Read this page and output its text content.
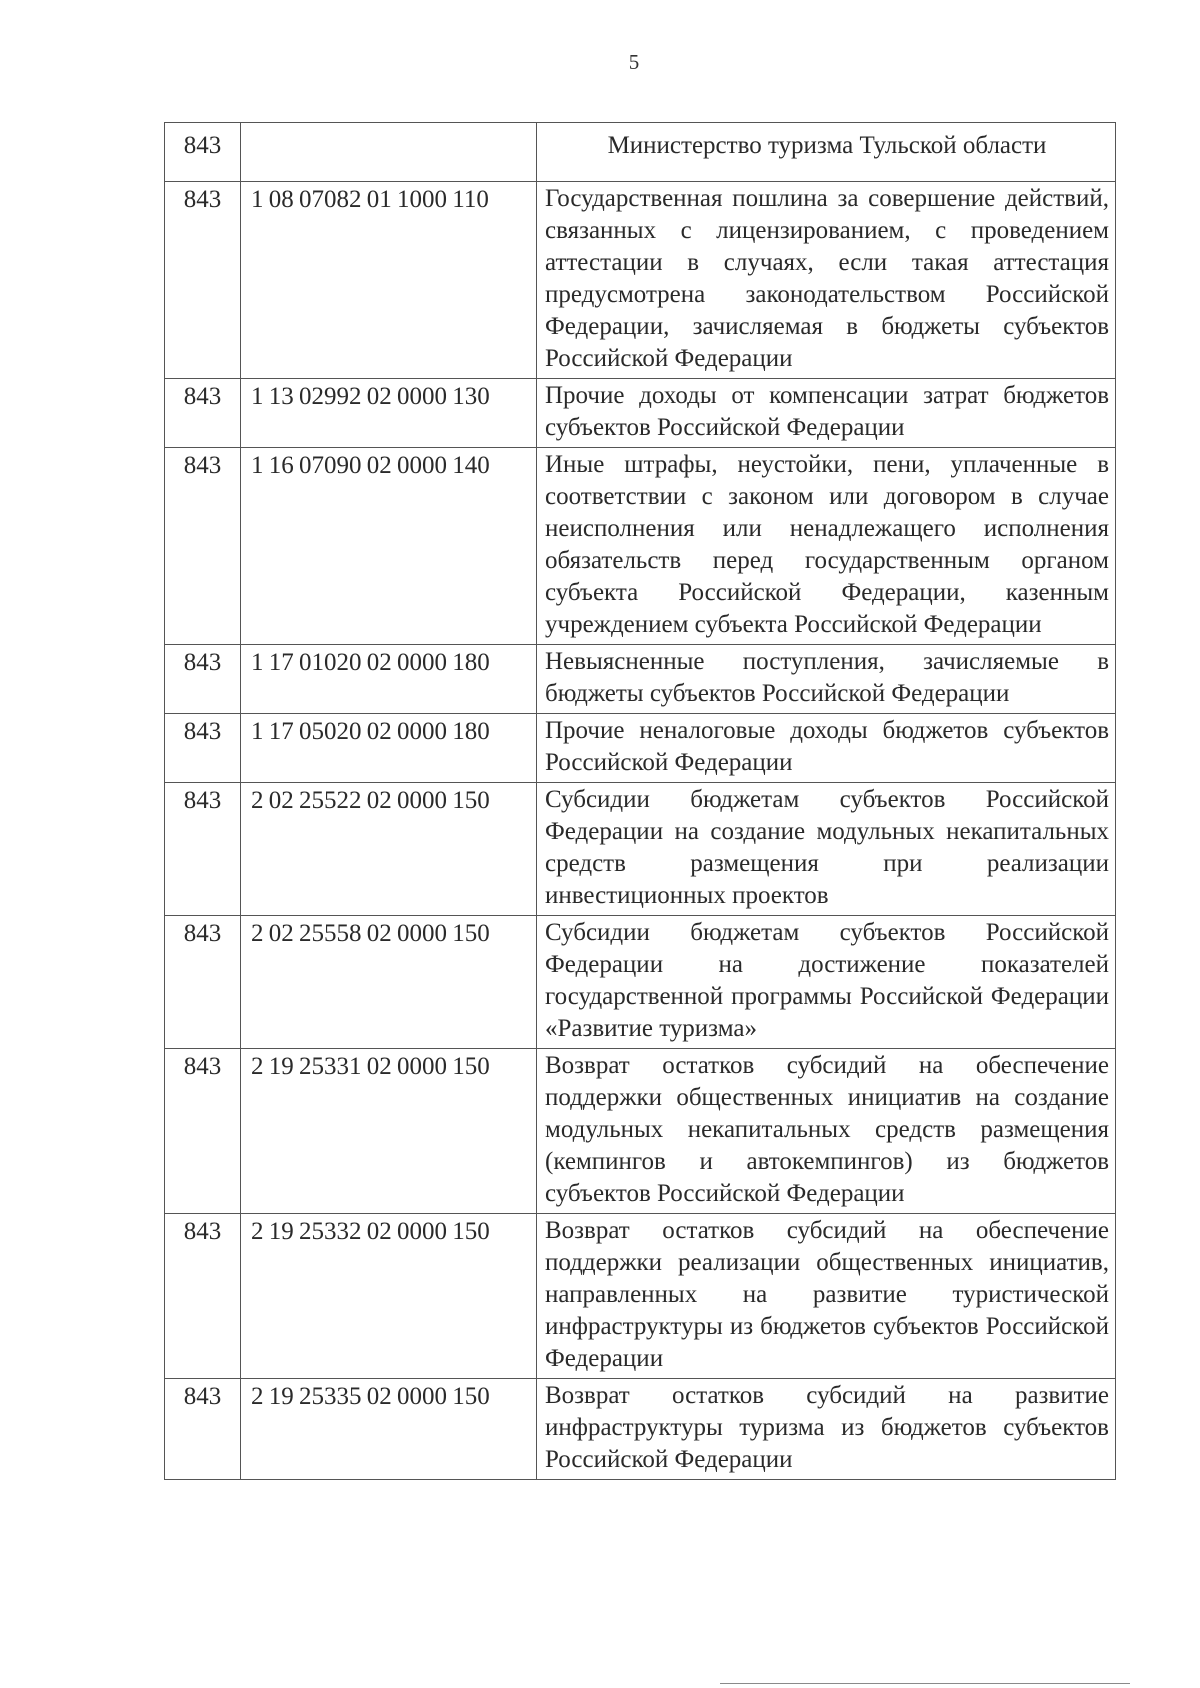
5
843		Министерство туризма Тульской области
843	1 08 07082 01 1000 110	Государственная пошлина за совершение действий, связанных с лицензированием, с проведением аттестации в случаях, если такая аттестация предусмотрена законодательством Российской Федерации, зачисляемая в бюджеты субъектов Российской Федерации
843	1 13 02992 02 0000 130	Прочие доходы от компенсации затрат бюджетов субъектов Российской Федерации
843	1 16 07090 02 0000 140	Иные штрафы, неустойки, пени, уплаченные в соответствии с законом или договором в случае неисполнения или ненадлежащего исполнения обязательств перед государственным органом субъекта Российской Федерации, казенным учреждением субъекта Российской Федерации
843	1 17 01020 02 0000 180	Невыясненные поступления, зачисляемые в бюджеты субъектов Российской Федерации
843	1 17 05020 02 0000 180	Прочие неналоговые доходы бюджетов субъектов Российской Федерации
843	2 02 25522 02 0000 150	Субсидии бюджетам субъектов Российской Федерации на создание модульных некапитальных средств размещения при реализации инвестиционных проектов
843	2 02 25558 02 0000 150	Субсидии бюджетам субъектов Российской Федерации на достижение показателей государственной программы Российской Федерации «Развитие туризма»
843	2 19 25331 02 0000 150	Возврат остатков субсидий на обеспечение поддержки общественных инициатив на создание модульных некапитальных средств размещения (кемпингов и автокемпингов) из бюджетов субъектов Российской Федерации
843	2 19 25332 02 0000 150	Возврат остатков субсидий на обеспечение поддержки реализации общественных инициатив, направленных на развитие туристической инфраструктуры из бюджетов субъектов Российской Федерации
843	2 19 25335 02 0000 150	Возврат остатков субсидий на развитие инфраструктуры туризма из бюджетов субъектов Российской Федерации
